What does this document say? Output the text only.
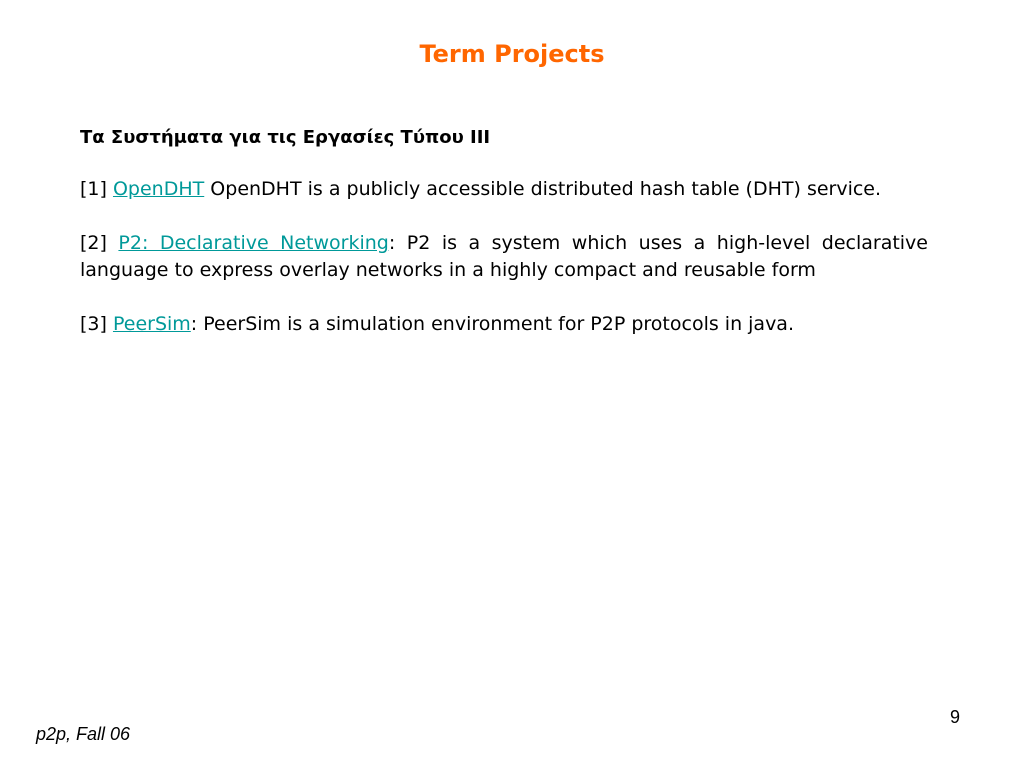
Term Projects
Τα Συστήματα για τις Εργασίες Τύπου ΙΙΙ
[1] OpenDHT OpenDHT is a publicly accessible distributed hash table (DHT) service.
[2] P2: Declarative Networking: P2 is a system which uses a high-level declarative language to express overlay networks in a highly compact and reusable form
[3] PeerSim: PeerSim is a simulation environment for P2P protocols in java.
9
p2p, Fall 06
